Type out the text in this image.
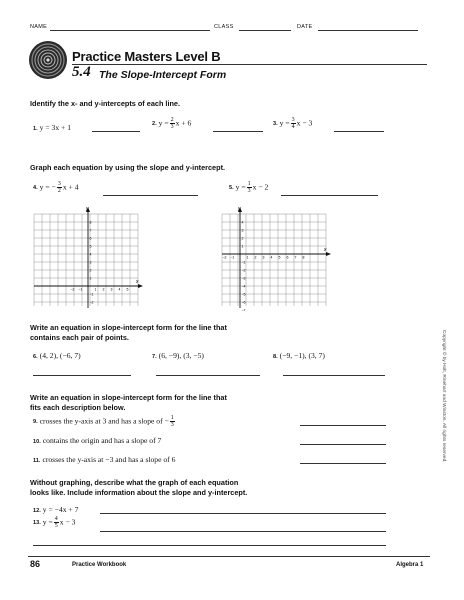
NAME	CLASS	DATE
Practice Masters Level B
5.4 The Slope-Intercept Form
Identify the x- and y-intercepts of each line.
1. y = 3x + 1	2. $y = \frac{2}{3}$ x + 6	3. $y = \frac{3}{4}$ x − 3
Graph each equation by using the slope and y-intercept.
4. y = − $\frac{3}{2}$ x + 4	5. $y = \frac{1}{3}$ x − 2
y
x
8
7
6
5
4
3
2
1
−1
−2
−2 −1	1 2 3 4 5
y
x
4
3
2
1
−1
−2
−3
−4
−5
−6
−7
−2 −1	1 2 3 4 5 6 7 8
Write an equation in slope-intercept form for the line that
contains each pair of points.
6. (4, 2), (−6, 7)	7. (6, −9), (3, −5)	8. (−9, −1), (3, 7)
Write an equation in slope-intercept form for the line that
fits each description below.
9. crosses the y-axis at 3 and has a slope of − $\frac{1}{3}$
10. contains the origin and has a slope of 7
11. crosses the y-axis at −3 and has a slope of 6
Without graphing, describe what the graph of each equation
looks like. Include information about the slope and y-intercept.
12. y = −4x + 7
13. $y = \frac{4}{5}$ x − 3
86	Practice Workbook	Algebra 1
Copyright © by Holt, Rinehart and Winston. All rights reserved.
